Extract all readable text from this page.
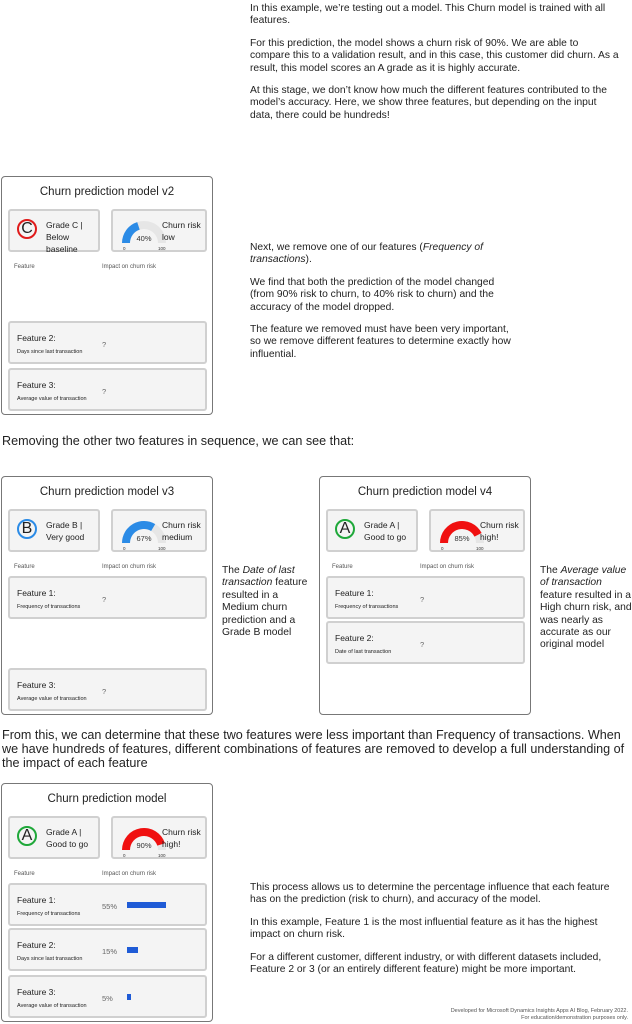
In this example, we’re testing out a model. This Churn model is trained with all features.

For this prediction, the model shows a churn risk of 90%. We are able to compare this to a validation result, and in this case, this customer did churn. As a result, this model scores an A grade as it is highly accurate.

At this stage, we don’t know how much the different features contributed to the model’s accuracy. Here, we show three features, but depending on the input data, there could be hundreds!

Next, we remove one of our features (Frequency of transactions).

We find that both the prediction of the model changed (from 90% risk to churn, to 40% risk to churn) and the accuracy of the model dropped.

The feature we removed must have been very important, so we remove different features to determine exactly how influential.

Removing the other two features in sequence, we can see that:
The Date of last transaction feature resulted in a Medium churn prediction and a Grade B model
The Average value of transaction feature resulted in a High churn risk, and was nearly as accurate as our original model
From this, we can determine that these two features were less important than Frequency of transactions. When we have hundreds of features, different combinations of features are removed to develop a full understanding of the impact of each feature

This process allows us to determine the percentage influence that each feature has on the prediction (risk to churn), and accuracy of the model.

In this example, Feature 1 is the most influential feature as it has the highest impact on churn risk.

For a different customer, different industry, or with different datasets included, Feature 2 or 3 (or an entirely different feature) might be more important.

Developed for Microsoft Dynamics Insights Apps AI Blog, February 2022.
For education/demonstration purposes only.
Churn prediction model v2
C	Grade C |
Below baseline
40%
0	100
Churn risk
low
Feature	Impact on churn risk
Feature 2:
Days since last transaction
?
Feature 3:
Average value of transaction
?
Churn prediction model v3
B	Grade B |
Very good	67%
0	100
Churn risk
medium
Feature	Impact on churn risk
Feature 1:
Frequency of transactions
?
Feature 3:
Average value of transaction
?
Churn prediction model v4
A	Grade A |
Good to go	85%
0	100
Churn risk
high!
Feature	Impact on churn risk
Feature 1:
Frequency of transactions
?
Feature 2:
Date of last transaction
?
Churn prediction model
A	Grade A |
Good to go	90%
0	100
Churn risk
high!
Feature	Impact on churn risk
Feature 1:
Frequency of transactions
55%
Feature 2:
Days since last transaction
15%
Feature 3:
Average value of transaction
5%
